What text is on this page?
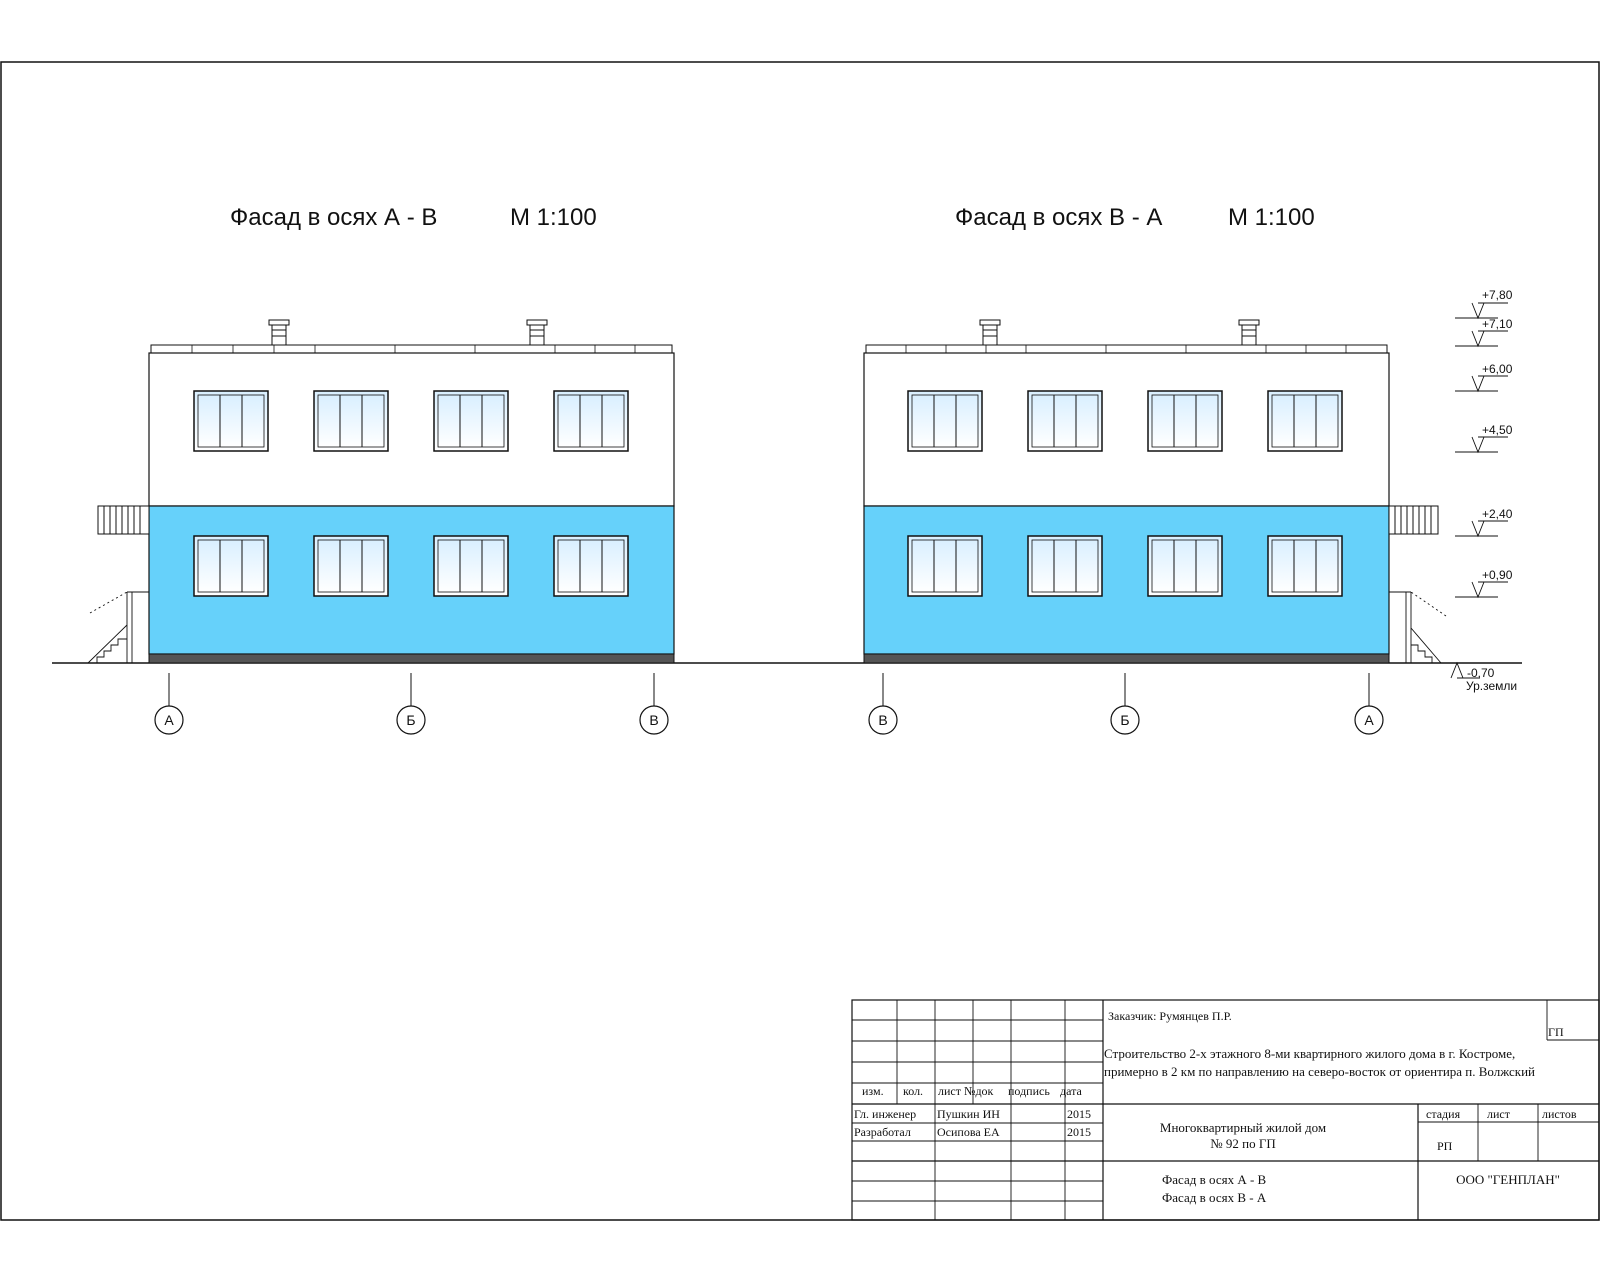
Фасад в осях А - В	М 1:100	Фасад в осях В - А	М 1:100
А	Б	В	В	Б	А
+7,80
+7,10
+6,00
+4,50
+2,40
+0,90
-0,70
Ур.земли
изм. кол. лист №док подпись дата
Гл. инженер Пушкин ИН	2015
Разработал Осипова ЕА	2015
Заказчик: Румянцев П.Р.
ГП
Строительство 2-х этажного 8-ми квартирного жилого дома в г. Костроме,
примерно в 2 км по направлению на северо-восток от ориентира п. Волжский
Многоквартирный жилой дом
№ 92 по ГП
стадия лист	листов
РП
Фасад в осях А - В
Фасад в осях В - А
ООО "ГЕНПЛАН"
